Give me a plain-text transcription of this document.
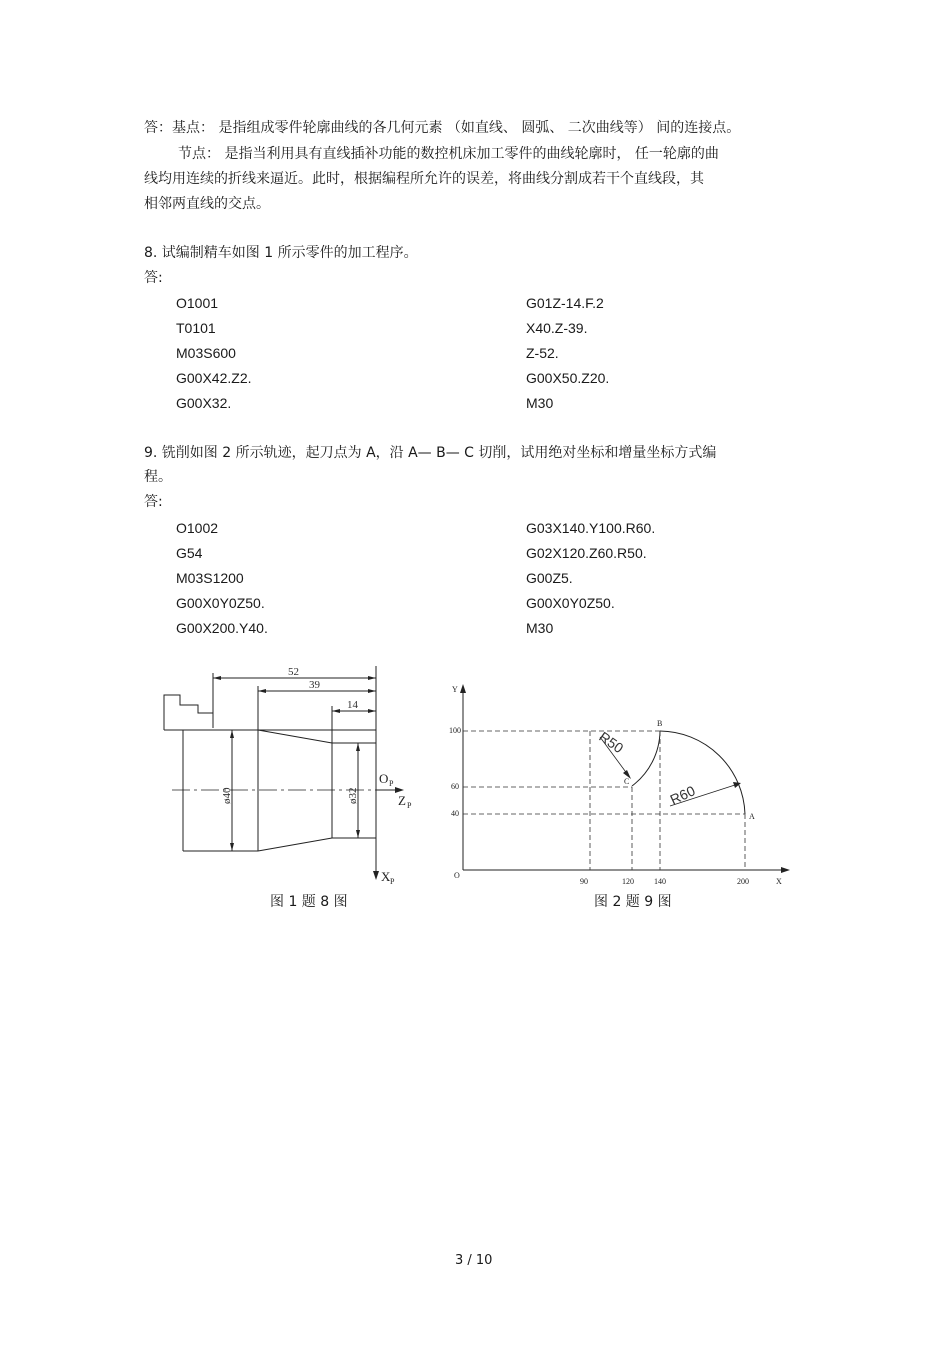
答：基点： 是指组成零件轮廓曲线的各几何元素 （如直线、 圆弧、 二次曲线等） 间的连接点。
节点： 是指当利用具有直线插补功能的数控机床加工零件的曲线轮廓时， 任一轮廓的曲
线均用连续的折线来逼近。此时，根据编程所允许的误差，将曲线分割成若干个直线段，其
相邻两直线的交点。
8. 试编制精车如图 1 所示零件的加工程序。
答:
O1001
T0101
M03S600
G00X42.Z2.
G00X32.
G01Z-14.F.2
X40.Z-39.
Z-52.
G00X50.Z20.
M30
9. 铣削如图 2 所示轨迹，起刀点为 A，沿 A— B— C 切削，试用绝对坐标和增量坐标方式编
程。
答:
O1002
G54
M03S1200
G00X0Y0Z50.
G00X200.Y40.
G03X140.Y100.R60.
G02X120.Z60.R50.
G00Z5.
G00X0Y0Z50.
M30
52
39
14
ø40	ø32
O P
Z P
X P
图 1 题 8 图
Y
X
O
100
60
40
90	120	140	200
A
B
C
R50
R60
图 2 题 9 图
3 / 10
